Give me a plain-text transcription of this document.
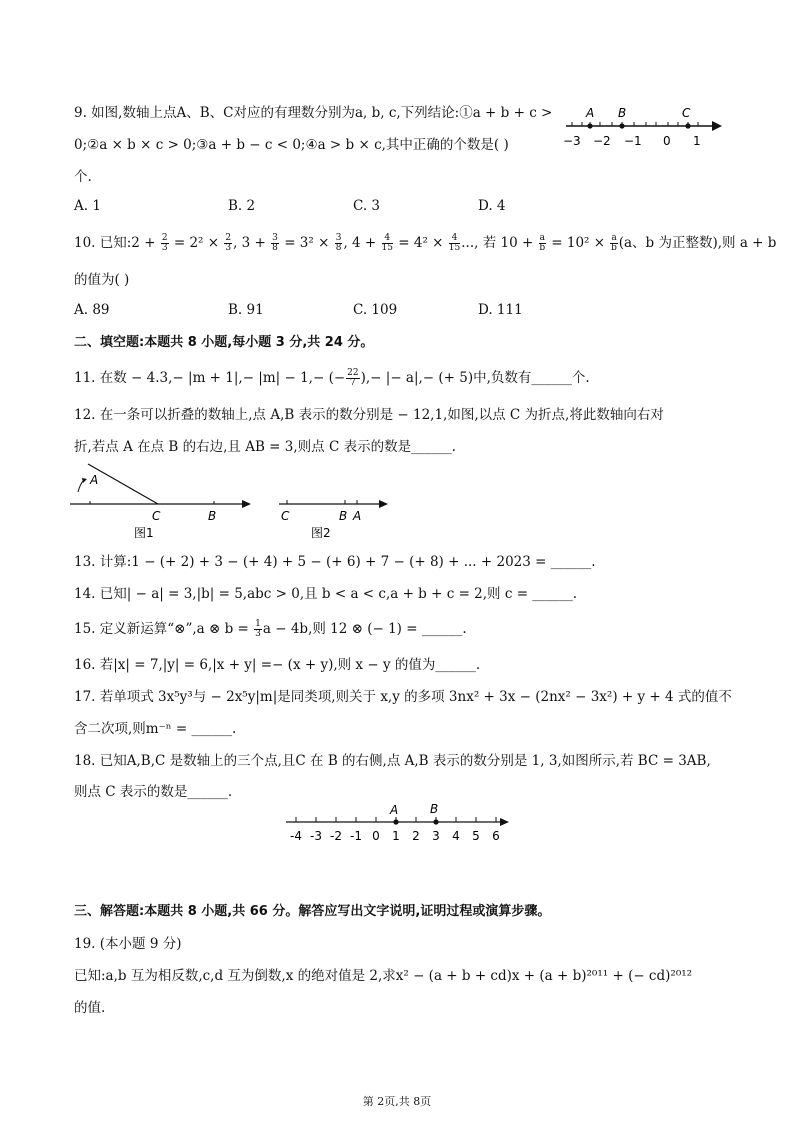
9. 如图,数轴上点A、B、C对应的有理数分别为a, b, c,下列结论:①a + b + c >
0;②a × b × c > 0;③a + b − c < 0;④a > b × c,其中正确的个数是( )
个.
A B	C
−3 −2 −1 0 1
A. 1	B. 2	C. 3	D. 4
10. 已知:2 + $\frac{2}{3} = 2^2 \times \frac{2}{3}$ , $3 + \frac{3}{8} = 3^2 \times \frac{3}{8}$ , $4 + \frac{4}{15} = 4^2 \times \frac{4}{15}$ ..., 若 $10 + \frac{a}{b} = 10^2 \times \frac{a}{b} (a$、b 为正整数),则 a + b
的值为( )
A. 89	B. 91	C. 109	D. 111
二、填空题:本题共 8 小题,每小题 3 分,共 24 分。
11. 在数 − 4.3,− |m + 1|,− |m| − 1,− (− $\frac{22}{7}$ ),− |− a|,− (+ 5)中,负数有______个.
12. 在一条可以折叠的数轴上,点 A,B 表示的数分别是 − 12,1,如图,以点 C 为折点,将此数轴向右对
折,若点 A 在点 B 的右边,且 AB = 3,则点 C 表示的数是______.
A
C	B
图1
C	B A
图2
13. 计算:1 − (+ 2) + 3 − (+ 4) + 5 − (+ 6) + 7 − (+ 8) + ... + 2023 = ______.
14. 已知| − a| = 3,|b| = 5,abc > 0,且 b < a < c,a + b + c = 2,则 c = ______.
15. 定义新运算“⊗”,a ⊗ $b = \frac{1}{3}$ a − 4b,则 12 ⊗ (− 1) = ______.
16. 若|x| = 7,|y| = 6,|x + y| =− (x + y),则 x − y 的值为______.
17. 若单项式 3x⁵y³与 − 2x⁵y|m|是同类项,则关于 x,y 的多项 3nx² + 3x − (2nx² − 3x²) + y + 4 式的值不
含二次项,则m⁻ⁿ = ______.
18. 已知A,B,C 是数轴上的三个点,且C 在 B 的右侧,点 A,B 表示的数分别是 1, 3,如图所示,若 BC = 3AB,
则点 C 表示的数是______.
A	B
-4 -3 -2 -1 0 1 2 3 4 5 6
三、解答题:本题共 8 小题,共 66 分。解答应写出文字说明,证明过程或演算步骤。
19. (本小题 9 分)
已知:a,b 互为相反数,c,d 互为倒数,x 的绝对值是 2,求x² − (a + b + cd)x + (a + b)²⁰¹¹ + (− cd)²⁰¹²
的值.
第 2页,共 8页
